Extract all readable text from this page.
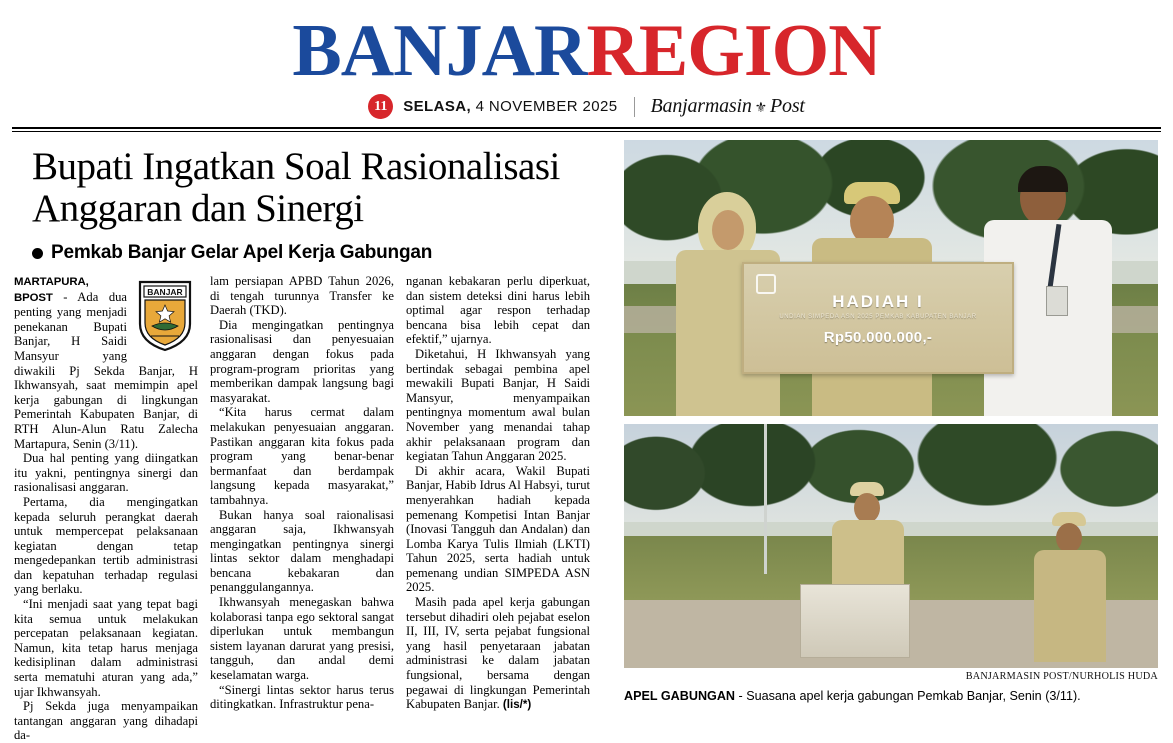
BANJARREGION
11	SELASA, 4 NOVEMBER 2025 Banjarmasin ⚜ Post
Bupati Ingatkan Soal Rasionalisasi Anggaran dan Sinergi
Pemkab Banjar Gelar Apel Kerja Gabungan
BANJAR

MARTAPURA, BPOST - Ada dua penting yang menjadi penekanan Bupati Banjar, H Saidi Mansyur yang diwakili Pj Sekda Banjar, H Ikhwansyah, saat memimpin apel kerja gabungan di lingkungan Pemerintah Kabupaten Banjar, di RTH Alun-Alun Ratu Zalecha Martapura, Senin (3/11).

Dua hal penting yang diingatkan itu yakni, pentingnya sinergi dan rasionalisasi anggaran.

Pertama, dia mengingatkan kepada seluruh perangkat daerah untuk mempercepat pelaksanaan kegiatan dengan tetap mengedepankan tertib administrasi dan kepatuhan terhadap regulasi yang berlaku.

“Ini menjadi saat yang tepat bagi kita semua untuk melakukan percepatan pelaksanaan kegiatan. Namun, kita tetap harus menjaga kedisiplinan dalam administrasi serta mematuhi aturan yang ada,” ujar Ikhwansyah.

Pj Sekda juga menyampaikan tantangan anggaran yang dihadapi da-

lam persiapan APBD Tahun 2026, di tengah turunnya Transfer ke Daerah (TKD).

Dia mengingatkan pentingnya rasionalisasi dan penyesuaian anggaran dengan fokus pada program-program prioritas yang memberikan dampak langsung bagi masyarakat.

“Kita harus cermat dalam melakukan penyesuaian anggaran. Pastikan anggaran kita fokus pada program yang benar-benar bermanfaat dan berdampak langsung kepada masyarakat,” tambahnya.

Bukan hanya soal raionalisasi anggaran saja, Ikhwansyah mengingatkan pentingnya sinergi lintas sektor dalam menghadapi bencana kebakaran dan penanggulangannya.

Ikhwansyah menegaskan bahwa kolaborasi tanpa ego sektoral sangat diperlukan untuk membangun sistem layanan darurat yang presisi, tangguh, dan andal demi keselamatan warga.

“Sinergi lintas sektor harus terus ditingkatkan. Infrastruktur pena-

nganan kebakaran perlu diperkuat, dan sistem deteksi dini harus lebih optimal agar respon terhadap bencana bisa lebih cepat dan efektif,” ujarnya.

Diketahui, H Ikhwansyah yang bertindak sebagai pembina apel mewakili Bupati Banjar, H Saidi Mansyur, menyampaikan pentingnya momentum awal bulan November yang menandai tahap akhir pelaksanaan program dan kegiatan Tahun Anggaran 2025.

Di akhir acara, Wakil Bupati Banjar, Habib Idrus Al Habsyi, turut menyerahkan hadiah kepada pemenang Kompetisi Intan Banjar (Inovasi Tangguh dan Andalan) dan Lomba Karya Tulis Ilmiah (LKTI) Tahun 2025, serta hadiah untuk pemenang undian SIMPEDA ASN 2025.

Masih pada apel kerja gabungan tersebut dihadiri oleh pejabat eselon II, III, IV, serta pejabat fungsional yang hasil penyetaraan jabatan administrasi ke dalam jabatan fungsional, bersama dengan pegawai di lingkungan Pemerintah Kabupaten Banjar. (lis/*)

HADIAH I
UNDIAN SIMPEDA ASN 2025 PEMKAB KABUPATEN BANJAR
Rp50.000.000,-
BANJARMASIN POST/NURHOLIS HUDA
APEL GABUNGAN - Suasana apel kerja gabungan Pemkab Banjar, Senin (3/11).
